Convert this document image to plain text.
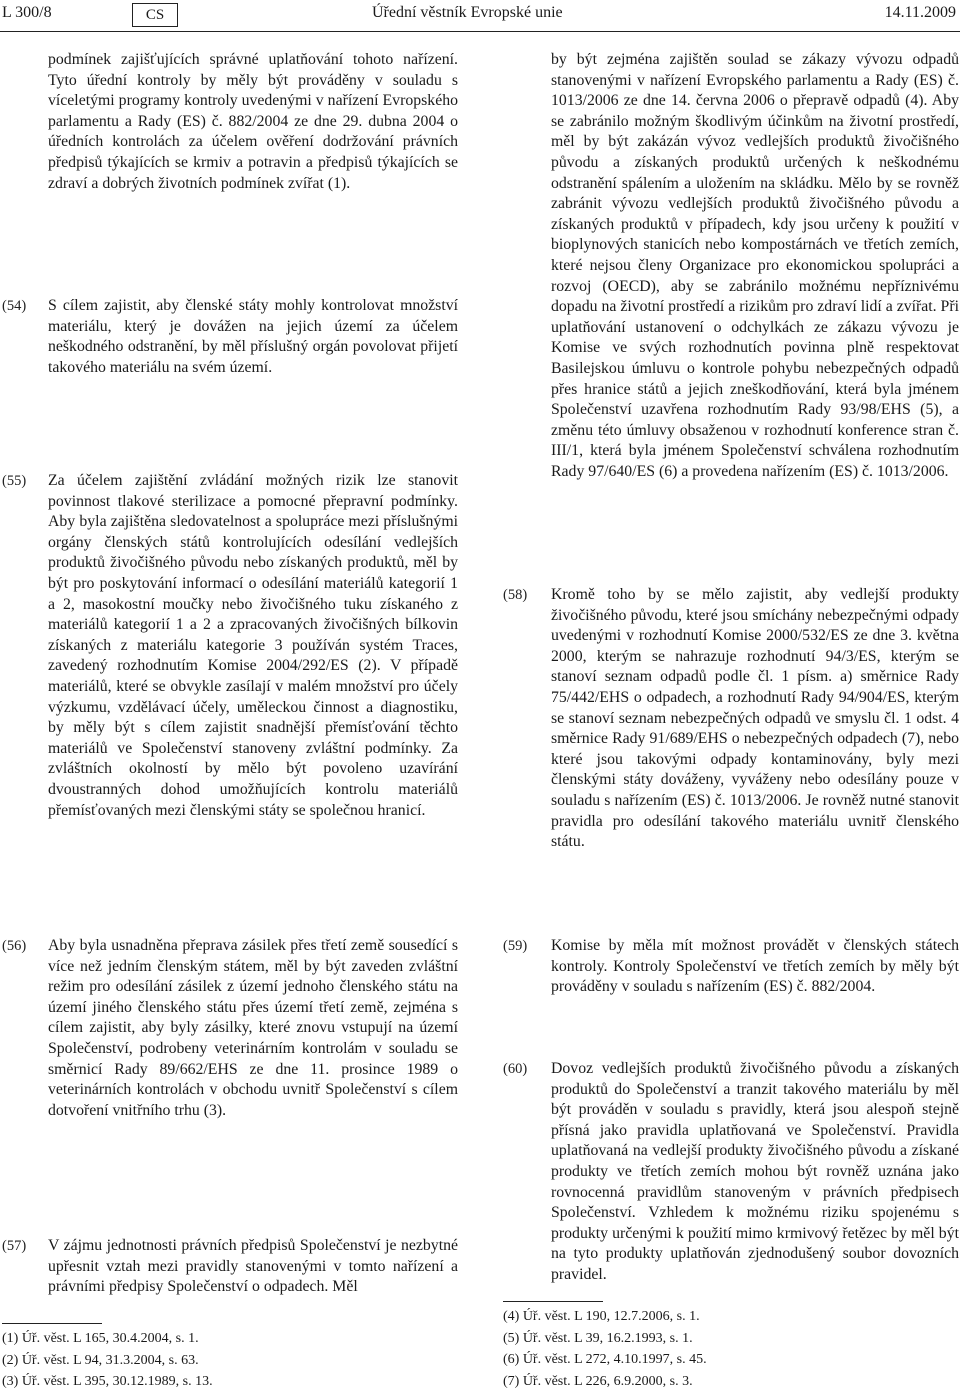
L 300/8	CS	Úřední věstník Evropské unie	14.11.2009
podmínek zajišťujících správné uplatňování tohoto nařízení. Tyto úřední kontroly by měly být prováděny v souladu s víceletými programy kontroly uvedenými v nařízení Evropského parlamentu a Rady (ES) č. 882/2004 ze dne 29. dubna 2004 o úředních kontrolách za účelem ověření dodržování právních předpisů týkajících se krmiv a potravin a předpisů týkajících se zdraví a dobrých životních podmínek zvířat (1).
by být zejména zajištěn soulad se zákazy vývozu odpadů stanovenými v nařízení Evropského parlamentu a Rady (ES) č. 1013/2006 ze dne 14. června 2006 o přepravě odpadů (4). Aby se zabránilo možným škodlivým účinkům na životní prostředí, měl by být zakázán vývoz vedlejších produktů živočišného původu a získaných produktů určených k neškodnému odstranění spálením a uložením na skládku. Mělo by se rovněž zabránit vývozu vedlejších produktů živočišného původu a získaných produktů v případech, kdy jsou určeny k použití v bioplynových stanicích nebo kompostárnách ve třetích zemích, které nejsou členy Organizace pro ekonomickou spolupráci a rozvoj (OECD), aby se zabránilo možnému nepříznivému dopadu na životní prostředí a rizikům pro zdraví lidí a zvířat. Při uplatňování ustanovení o odchylkách ze zákazu vývozu je Komise ve svých rozhodnutích povinna plně respektovat Basilejskou úmluvu o kontrole pohybu nebezpečných odpadů přes hranice států a jejich zneškodňování, která byla jménem Společenství uzavřena rozhodnutím Rady 93/98/EHS (5), a změnu této úmluvy obsaženou v rozhodnutí konference stran č. III/1, která byla jménem Společenství schválena rozhodnutím Rady 97/640/ES (6) a provedena nařízením (ES) č. 1013/2006.
(54) S cílem zajistit, aby členské státy mohly kontrolovat množství materiálu, který je dovážen na jejich území za účelem neškodného odstranění, by měl příslušný orgán povolovat přijetí takového materiálu na svém území.
(55) Za účelem zajištění zvládání možných rizik lze stanovit povinnost tlakové sterilizace a pomocné přepravní podmínky. Aby byla zajištěna sledovatelnost a spolupráce mezi příslušnými orgány členských států kontrolujících odesílání vedlejších produktů živočišného původu nebo získaných produktů, měl by být pro poskytování informací o odesílání materiálů kategorií 1 a 2, masokostní moučky nebo živočišného tuku získaného z materiálů kategorií 1 a 2 a zpracovaných živočišných bílkovin získaných z materiálu kategorie 3 používán systém Traces, zavedený rozhodnutím Komise 2004/292/ES (2). V případě materiálů, které se obvykle zasílají v malém množství pro účely výzkumu, vzdělávací účely, uměleckou činnost a diagnostiku, by měly být s cílem zajistit snadnější přemísťování těchto materiálů ve Společenství stanoveny zvláštní podmínky. Za zvláštních okolností by mělo být povoleno uzavírání dvoustranných dohod umožňujících kontrolu materiálů přemísťovaných mezi členskými státy se společnou hranicí.
(58) Kromě toho by se mělo zajistit, aby vedlejší produkty živočišného původu, které jsou smíchány nebezpečnými odpady uvedenými v rozhodnutí Komise 2000/532/ES ze dne 3. května 2000, kterým se nahrazuje rozhodnutí 94/3/ES, kterým se stanoví seznam odpadů podle čl. 1 písm. a) směrnice Rady 75/442/EHS o odpadech, a rozhodnutí Rady 94/904/ES, kterým se stanoví seznam nebezpečných odpadů ve smyslu čl. 1 odst. 4 směrnice Rady 91/689/EHS o nebezpečných odpadech (7), nebo které jsou takovými odpady kontaminovány, byly mezi členskými státy dováženy, vyváženy nebo odesílány pouze v souladu s nařízením (ES) č. 1013/2006. Je rovněž nutné stanovit pravidla pro odesílání takového materiálu uvnitř členského státu.
(56) Aby byla usnadněna přeprava zásilek přes třetí země sousedící s více než jedním členským státem, měl by být zaveden zvláštní režim pro odesílání zásilek z území jednoho členského státu na území jiného členského státu přes území třetí země, zejména s cílem zajistit, aby byly zásilky, které znovu vstupují na území Společenství, podrobeny veterinárním kontrolám v souladu se směrnicí Rady 89/662/EHS ze dne 11. prosince 1989 o veterinárních kontrolách v obchodu uvnitř Společenství s cílem dotvoření vnitřního trhu (3).
(57) V zájmu jednotnosti právních předpisů Společenství je nezbytné upřesnit vztah mezi pravidly stanovenými v tomto nařízení a právními předpisy Společenství o odpadech. Měl
(59) Komise by měla mít možnost provádět v členských státech kontroly. Kontroly Společenství ve třetích zemích by měly být prováděny v souladu s nařízením (ES) č. 882/2004.
(60) Dovoz vedlejších produktů živočišného původu a získaných produktů do Společenství a tranzit takového materiálu by měl být prováděn v souladu s pravidly, která jsou alespoň stejně přísná jako pravidla uplatňovaná ve Společenství. Pravidla uplatňovaná na vedlejší produkty živočišného původu a získané produkty ve třetích zemích mohou být rovněž uznána jako rovnocenná pravidlům stanoveným v právních předpisech Společenství. Vzhledem k možnému riziku spojenému s produkty určenými k použití mimo krmivový řetězec by měl být na tyto produkty uplatňován zjednodušený soubor dovozních pravidel.
(1) Úř. věst. L 165, 30.4.2004, s. 1.
(2) Úř. věst. L 94, 31.3.2004, s. 63.
(3) Úř. věst. L 395, 30.12.1989, s. 13.
(4) Úř. věst. L 190, 12.7.2006, s. 1.
(5) Úř. věst. L 39, 16.2.1993, s. 1.
(6) Úř. věst. L 272, 4.10.1997, s. 45.
(7) Úř. věst. L 226, 6.9.2000, s. 3.
